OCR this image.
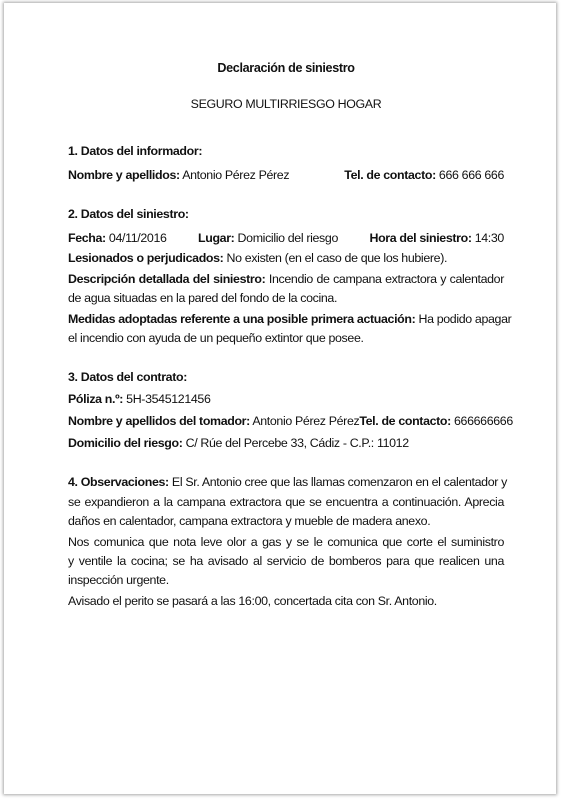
Declaración de siniestro
SEGURO MULTIRRIESGO HOGAR
1. Datos del informador:
Nombre y apellidos: Antonio Pérez Pérez	Tel. de contacto: 666 666 666
2. Datos del siniestro:
Fecha: 04/11/2016	Lugar: Domicilio del riesgo	Hora del siniestro: 14:30
Lesionados o perjudicados: No existen (en el caso de que los hubiere).
Descripción detallada del siniestro: Incendio de campana extractora y calentador
de agua situadas en la pared del fondo de la cocina.
Medidas adoptadas referente a una posible primera actuación: Ha podido apagar
el incendio con ayuda de un pequeño extintor que posee.
3. Datos del contrato:
Póliza n.º: 5H-3545121456
Nombre y apellidos del tomador: Antonio Pérez Pérez Tel. de contacto: 666666666
Domicilio del riesgo: C/ Rúe del Percebe 33, Cádiz - C.P.: 11012
4. Observaciones: El Sr. Antonio cree que las llamas comenzaron en el calentador y
se expandieron a la campana extractora que se encuentra a continuación. Aprecia
daños en calentador, campana extractora y mueble de madera anexo.
Nos comunica que nota leve olor a gas y se le comunica que corte el suministro
y ventile la cocina; se ha avisado al servicio de bomberos para que realicen una
inspección urgente.
Avisado el perito se pasará a las 16:00, concertada cita con Sr. Antonio.
